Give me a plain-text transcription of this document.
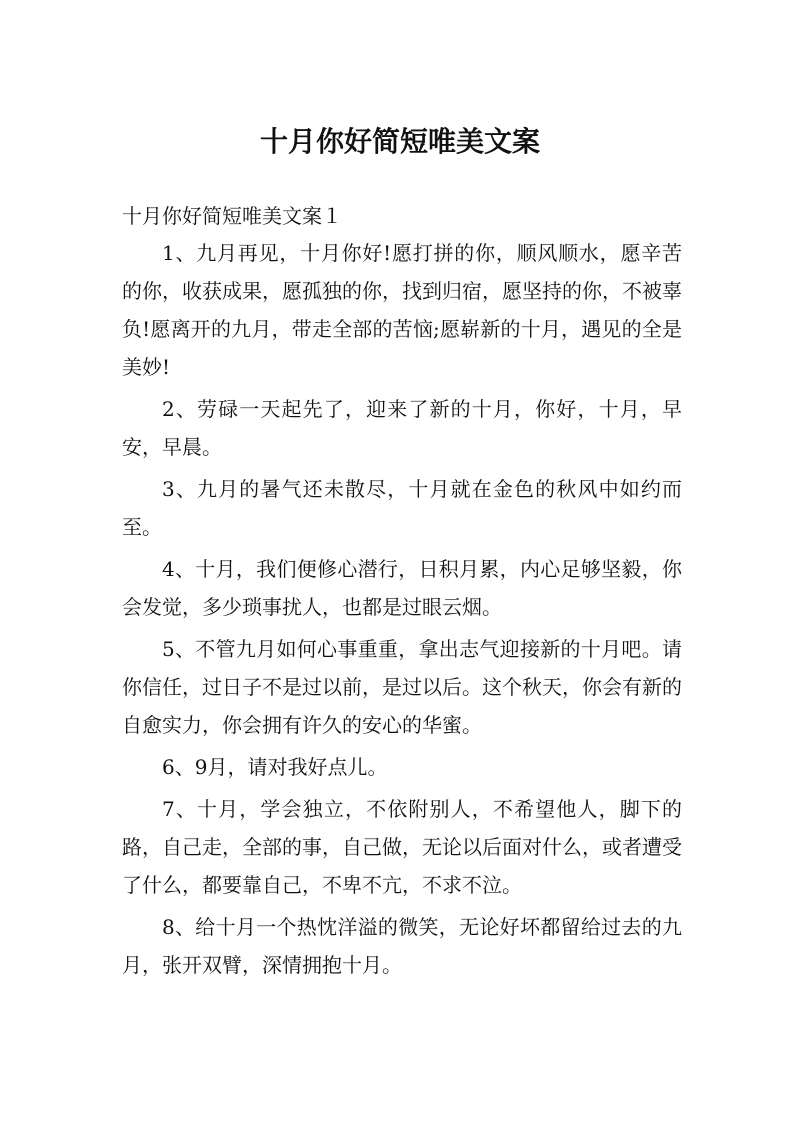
十月你好简短唯美文案

十月你好简短唯美文案１

1、九月再见，十月你好!愿打拼的你，顺风顺水，愿辛苦的你，收获成果，愿孤独的你，找到归宿，愿坚持的你，不被辜负!愿离开的九月，带走全部的苦恼;愿崭新的十月，遇见的全是美妙!

2、劳碌一天起先了，迎来了新的十月，你好，十月，早安，早晨。

3、九月的暑气还未散尽，十月就在金色的秋风中如约而至。

4、十月，我们便修心潜行，日积月累，内心足够坚毅，你会发觉，多少琐事扰人，也都是过眼云烟。

5、不管九月如何心事重重，拿出志气迎接新的十月吧。请你信任，过日子不是过以前，是过以后。这个秋天，你会有新的自愈实力，你会拥有许久的安心的华蜜。

6、9月，请对我好点儿。

7、十月，学会独立，不依附别人，不希望他人，脚下的路，自己走，全部的事，自己做，无论以后面对什么，或者遭受了什么，都要靠自己，不卑不亢，不求不泣。

8、给十月一个热忱洋溢的微笑，无论好坏都留给过去的九月，张开双臂，深情拥抱十月。
